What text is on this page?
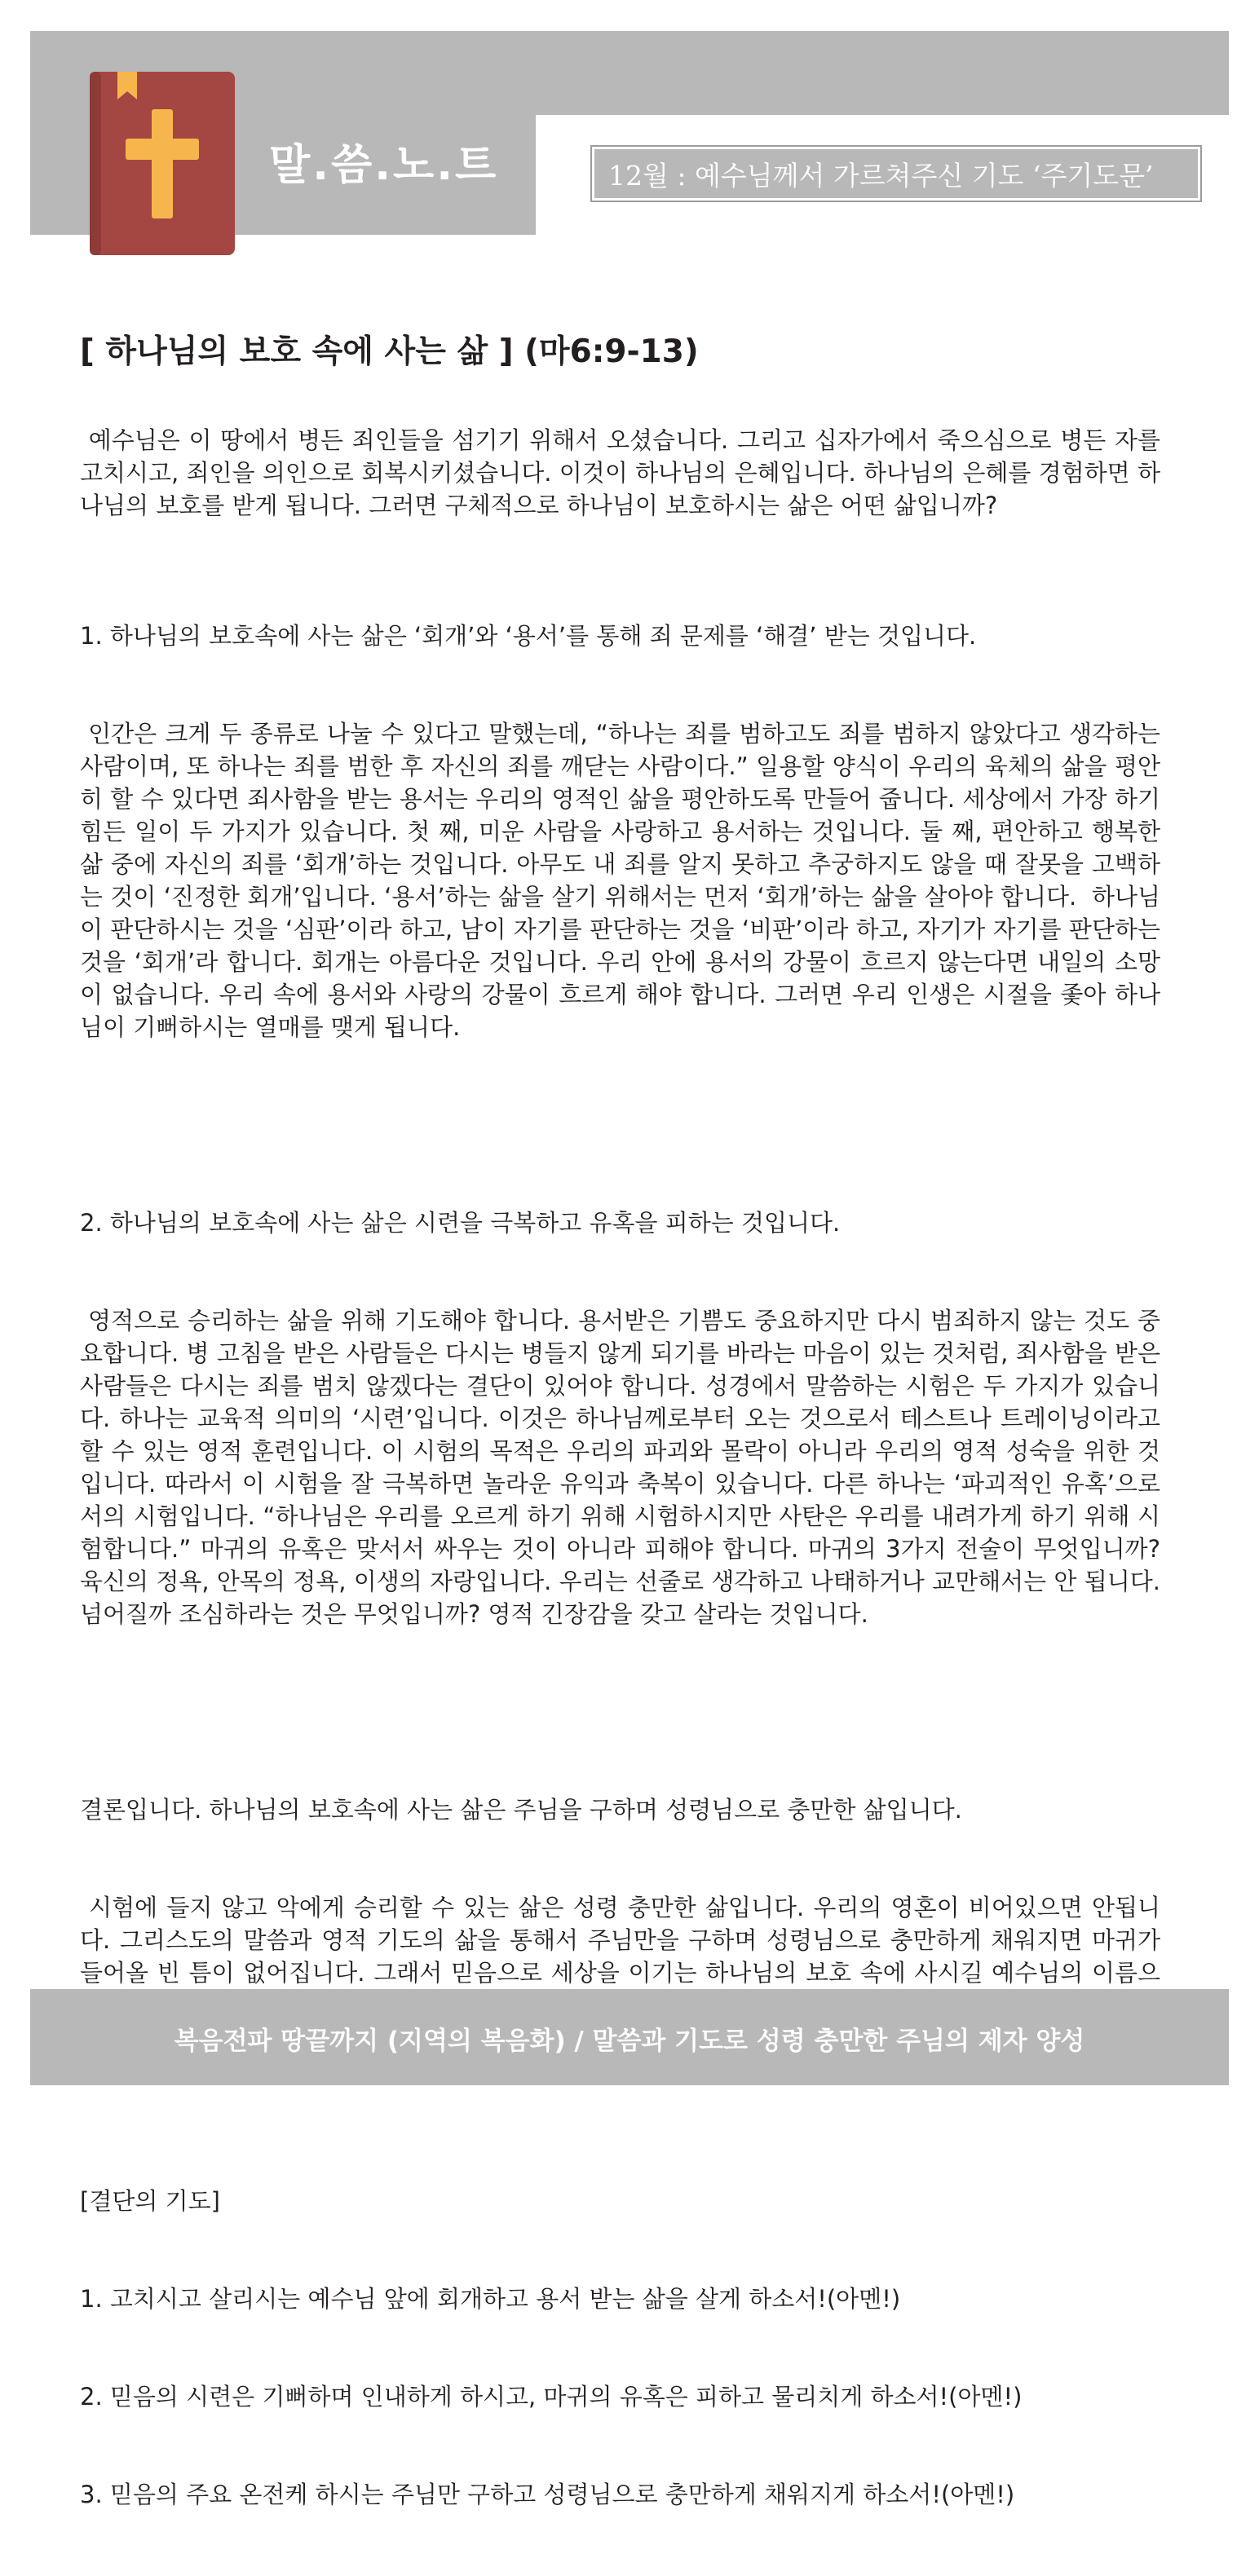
말.씀.노.트	12월 : 예수님께서 가르쳐주신 기도 ‘주기도문’
[ 하나님의 보호 속에 사는 삶 ] (마6:9-13)

예수님은 이 땅에서 병든 죄인들을 섬기기 위해서 오셨습니다. 그리고 십자가에서 죽으심으로 병든 자를 고치시고, 죄인을 의인으로 회복시키셨습니다. 이것이 하나님의 은혜입니다. 하나님의 은혜를 경험하면 하나님의 보호를 받게 됩니다. 그러면 구체적으로 하나님이 보호하시는 삶은 어떤 삶입니까?

1. 하나님의 보호속에 사는 삶은 ‘회개’와 ‘용서’를 통해 죄 문제를 ‘해결’ 받는 것입니다.

인간은 크게 두 종류로 나눌 수 있다고 말했는데, “하나는 죄를 범하고도 죄를 범하지 않았다고 생각하는 사람이며, 또 하나는 죄를 범한 후 자신의 죄를 깨닫는 사람이다.” 일용할 양식이 우리의 육체의 삶을 평안히 할 수 있다면 죄사함을 받는 용서는 우리의 영적인 삶을 평안하도록 만들어 줍니다. 세상에서 가장 하기 힘든 일이 두 가지가 있습니다. 첫 째, 미운 사람을 사랑하고 용서하는 것입니다. 둘 째, 편안하고 행복한 삶 중에 자신의 죄를 ‘회개’하는 것입니다. 아무도 내 죄를 알지 못하고 추궁하지도 않을 때 잘못을 고백하는 것이 ‘진정한 회개’입니다. ‘용서’하는 삶을 살기 위해서는 먼저 ‘회개’하는 삶을 살아야 합니다.  하나님이 판단하시는 것을 ‘심판’이라 하고, 남이 자기를 판단하는 것을 ‘비판’이라 하고, 자기가 자기를 판단하는 것을 ‘회개’라 합니다. 회개는 아름다운 것입니다. 우리 안에 용서의 강물이 흐르지 않는다면 내일의 소망이 없습니다. 우리 속에 용서와 사랑의 강물이 흐르게 해야 합니다. 그러면 우리 인생은 시절을 좇아 하나님이 기뻐하시는 열매를 맺게 됩니다.

2. 하나님의 보호속에 사는 삶은 시련을 극복하고 유혹을 피하는 것입니다.

영적으로 승리하는 삶을 위해 기도해야 합니다. 용서받은 기쁨도 중요하지만 다시 범죄하지 않는 것도 중요합니다. 병 고침을 받은 사람들은 다시는 병들지 않게 되기를 바라는 마음이 있는 것처럼, 죄사함을 받은 사람들은 다시는 죄를 범치 않겠다는 결단이 있어야 합니다. 성경에서 말씀하는 시험은 두 가지가 있습니다. 하나는 교육적 의미의 ‘시련’입니다. 이것은 하나님께로부터 오는 것으로서 테스트나 트레이닝이라고 할 수 있는 영적 훈련입니다. 이 시험의 목적은 우리의 파괴와 몰락이 아니라 우리의 영적 성숙을 위한 것입니다. 따라서 이 시험을 잘 극복하면 놀라운 유익과 축복이 있습니다. 다른 하나는 ‘파괴적인 유혹’으로서의 시험입니다. “하나님은 우리를 오르게 하기 위해 시험하시지만 사탄은 우리를 내려가게 하기 위해 시험합니다.” 마귀의 유혹은 맞서서 싸우는 것이 아니라 피해야 합니다. 마귀의 3가지 전술이 무엇입니까? 육신의 정욕, 안목의 정욕, 이생의 자랑입니다. 우리는 선줄로 생각하고 나태하거나 교만해서는 안 됩니다. 넘어질까 조심하라는 것은 무엇입니까? 영적 긴장감을 갖고 살라는 것입니다.

결론입니다. 하나님의 보호속에 사는 삶은 주님을 구하며 성령님으로 충만한 삶입니다.

시험에 들지 않고 악에게 승리할 수 있는 삶은 성령 충만한 삶입니다. 우리의 영혼이 비어있으면 안됩니다. 그리스도의 말씀과 영적 기도의 삶을 통해서 주님만을 구하며 성령님으로 충만하게 채워지면 마귀가 들어올 빈 틈이 없어집니다. 그래서 믿음으로 세상을 이기는 하나님의 보호 속에 사시길 예수님의 이름으

[결단의 기도]

1. 고치시고 살리시는 예수님 앞에 회개하고 용서 받는 삶을 살게 하소서!(아멘!)

2. 믿음의 시련은 기뻐하며 인내하게 하시고, 마귀의 유혹은 피하고 물리치게 하소서!(아멘!)

3. 믿음의 주요 온전케 하시는 주님만 구하고 성령님으로 충만하게 채워지게 하소서!(아멘!)

복음전파 땅끝까지 (지역의 복음화) / 말씀과 기도로 성령 충만한 주님의 제자 양성
